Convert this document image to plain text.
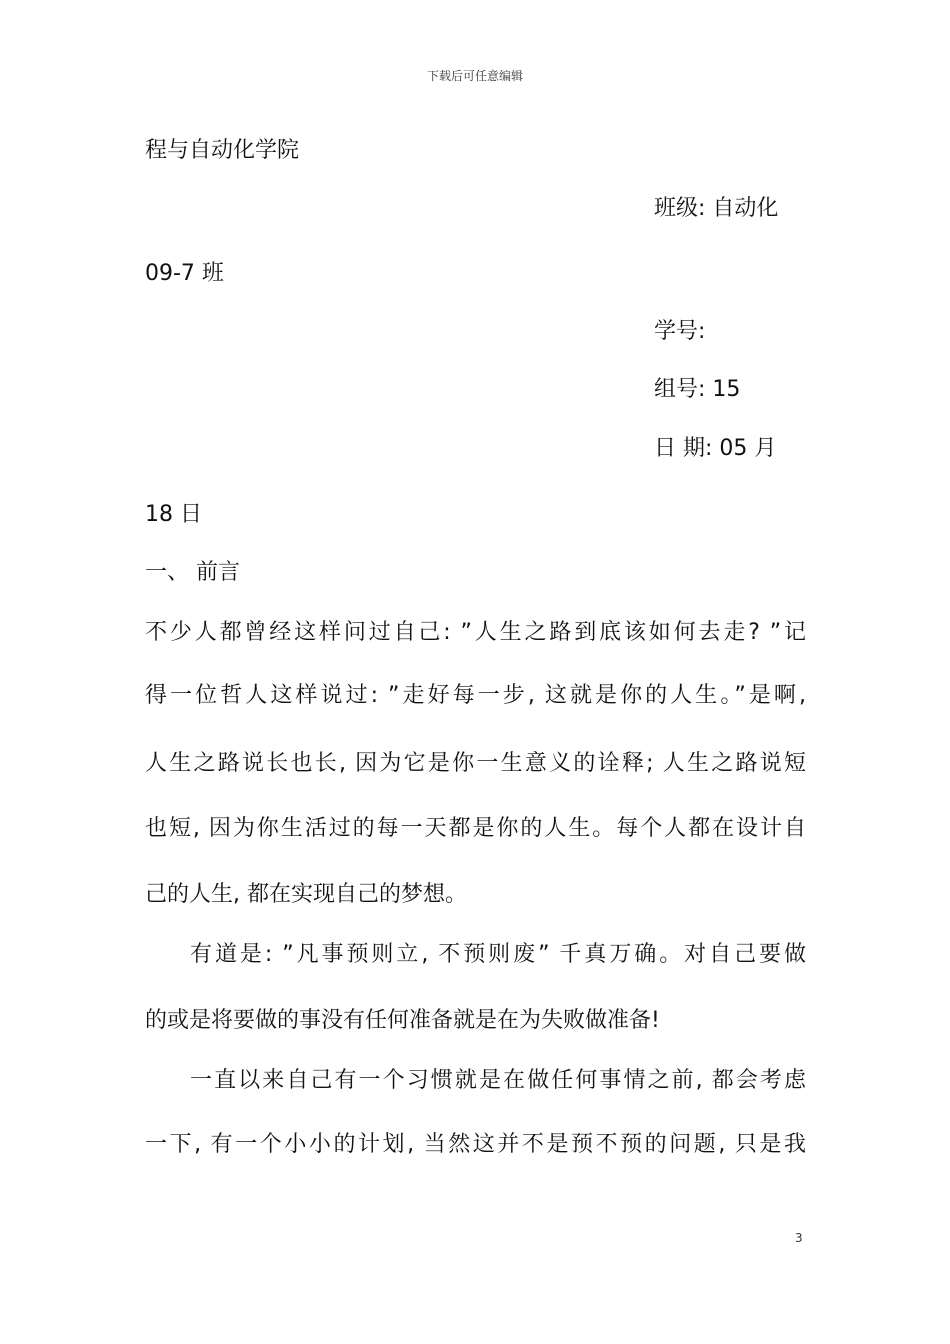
下载后可任意编辑
程与自动化学院
班级: 自动化
09-7 班
学号:
组号: 15
日 期: 05 月
18 日
一、 前言
不少人都曾经这样问过自己: ”人生之路到底该如何去走? ”记
得一位哲人这样说过: ”走好每一步, 这就是你的人生。”是啊,
人生之路说长也长, 因为它是你一生意义的诠释; 人生之路说短
也短, 因为你生活过的每一天都是你的人生。每个人都在设计自
己的人生, 都在实现自己的梦想。
有道是: ”凡事预则立, 不预则废” 千真万确。对自己要做
的或是将要做的事没有任何准备就是在为失败做准备!
一直以来自己有一个习惯就是在做任何事情之前, 都会考虑
一下, 有一个小小的计划, 当然这并不是预不预的问题, 只是我
3
